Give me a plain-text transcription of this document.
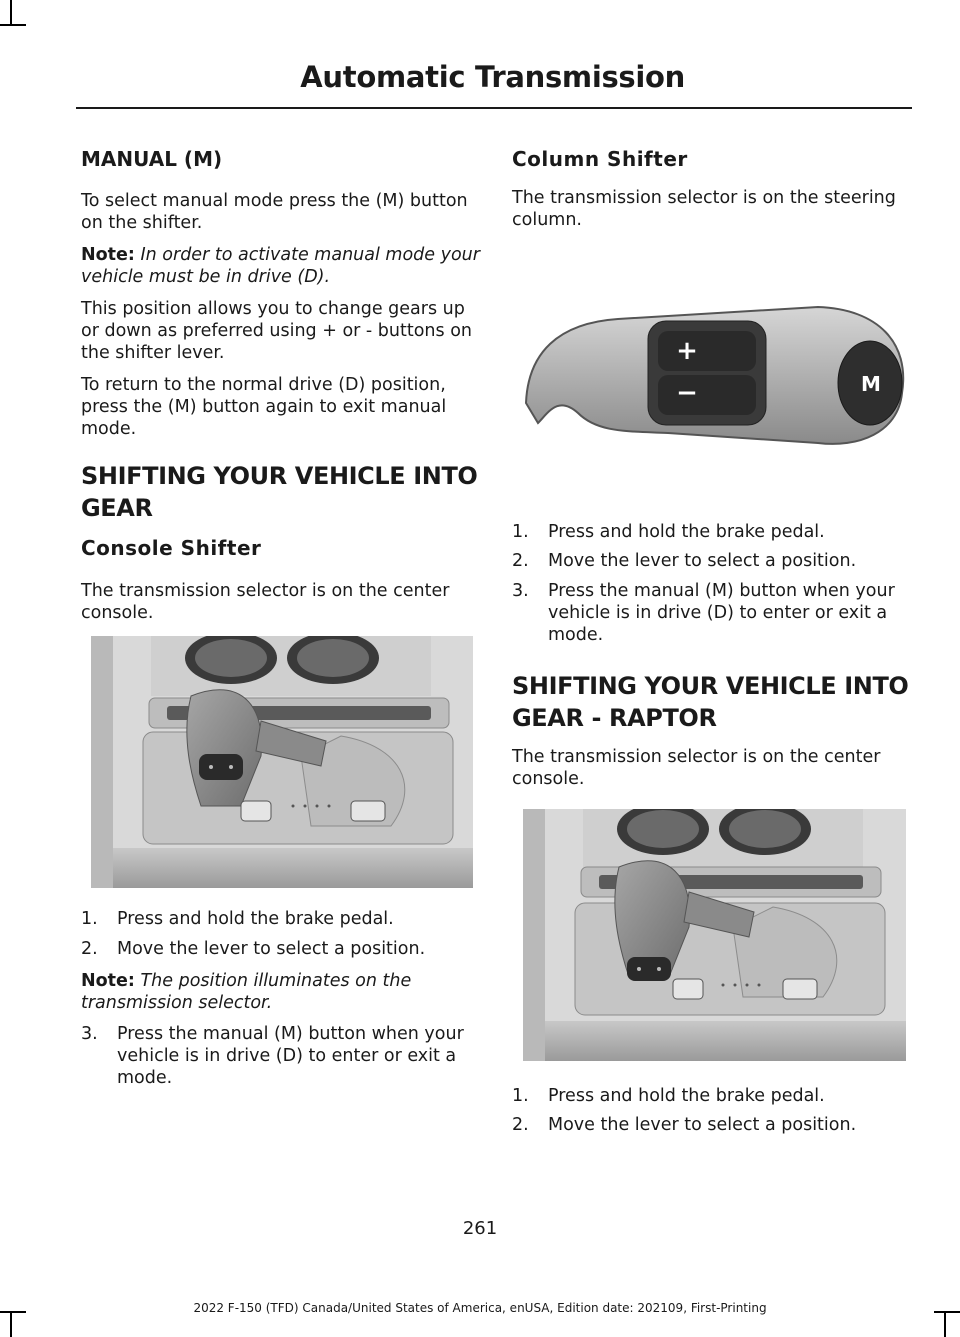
Automatic Transmission
MANUAL (M)

To select manual mode press the (M) button on the shifter.

Note: In order to activate manual mode your vehicle must be in drive (D).

This position allows you to change gears up or down as preferred using + or - buttons on the shifter lever.

To return to the normal drive (D) position, press the (M) button again to exit manual mode.

SHIFTING YOUR VEHICLE INTO
GEAR
Console Shifter

The transmission selector is on the center console.

1.	Press and hold the brake pedal.
2.	Move the lever to select a position.

Note: The position illuminates on the transmission selector.

3.	Press the manual (M) button when your vehicle is in drive (D) to enter or exit a mode.
Column Shifter

The transmission selector is on the steering column.

1.	Press and hold the brake pedal.
2.	Move the lever to select a position.
3.	Press the manual (M) button when your vehicle is in drive (D) to enter or exit a mode.
SHIFTING YOUR VEHICLE INTO
GEAR - RAPTOR

The transmission selector is on the center console.

1.	Press and hold the brake pedal.
2.	Move the lever to select a position.
+
−	M
261
2022 F-150 (TFD) Canada/United States of America, enUSA, Edition date: 202109, First-Printing
